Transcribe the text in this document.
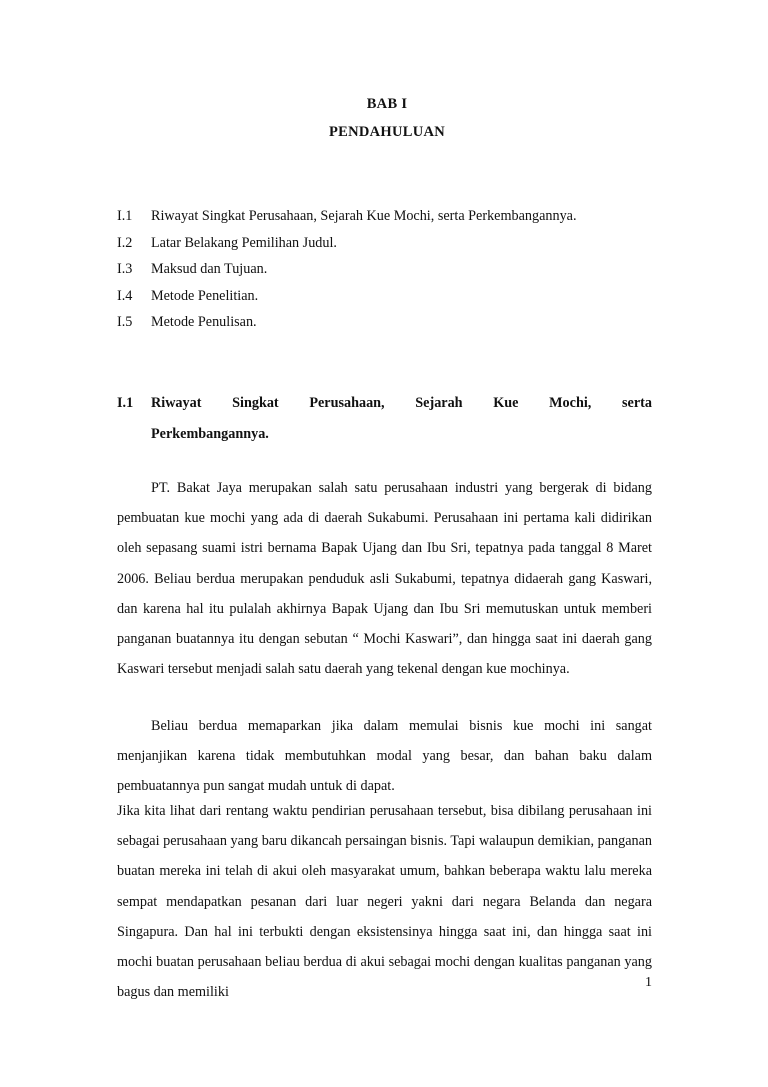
BAB I
PENDAHULUAN
I.1 Riwayat Singkat Perusahaan, Sejarah Kue Mochi, serta Perkembangannya.
I.2 Latar Belakang Pemilihan Judul.
I.3 Maksud dan Tujuan.
I.4 Metode Penelitian.
I.5 Metode Penulisan.
I.1 Riwayat Singkat Perusahaan, Sejarah Kue Mochi, serta
Perkembangannya.

PT. Bakat Jaya merupakan salah satu perusahaan industri yang bergerak di bidang pembuatan kue mochi yang ada di daerah Sukabumi. Perusahaan ini pertama kali didirikan oleh sepasang suami istri bernama Bapak Ujang dan Ibu Sri, tepatnya pada tanggal 8 Maret 2006. Beliau berdua merupakan penduduk asli Sukabumi, tepatnya didaerah gang Kaswari, dan karena hal itu pulalah akhirnya Bapak Ujang dan Ibu Sri memutuskan untuk memberi panganan buatannya itu dengan sebutan “ Mochi Kaswari”, dan hingga saat ini daerah gang Kaswari tersebut menjadi salah satu daerah yang tekenal dengan kue mochinya.

Beliau berdua memaparkan jika dalam memulai bisnis kue mochi ini sangat menjanjikan karena tidak membutuhkan modal yang besar, dan bahan baku dalam pembuatannya pun sangat mudah untuk di dapat.

Jika kita lihat dari rentang waktu pendirian perusahaan tersebut, bisa dibilang perusahaan ini sebagai perusahaan yang baru dikancah persaingan bisnis. Tapi walaupun demikian, panganan buatan mereka ini telah di akui oleh masyarakat umum, bahkan beberapa waktu lalu mereka sempat mendapatkan pesanan dari luar negeri yakni dari negara Belanda dan negara Singapura. Dan hal ini terbukti dengan eksistensinya hingga saat ini, dan hingga saat ini mochi buatan perusahaan beliau berdua di akui sebagai mochi dengan kualitas panganan yang bagus dan memiliki

1
